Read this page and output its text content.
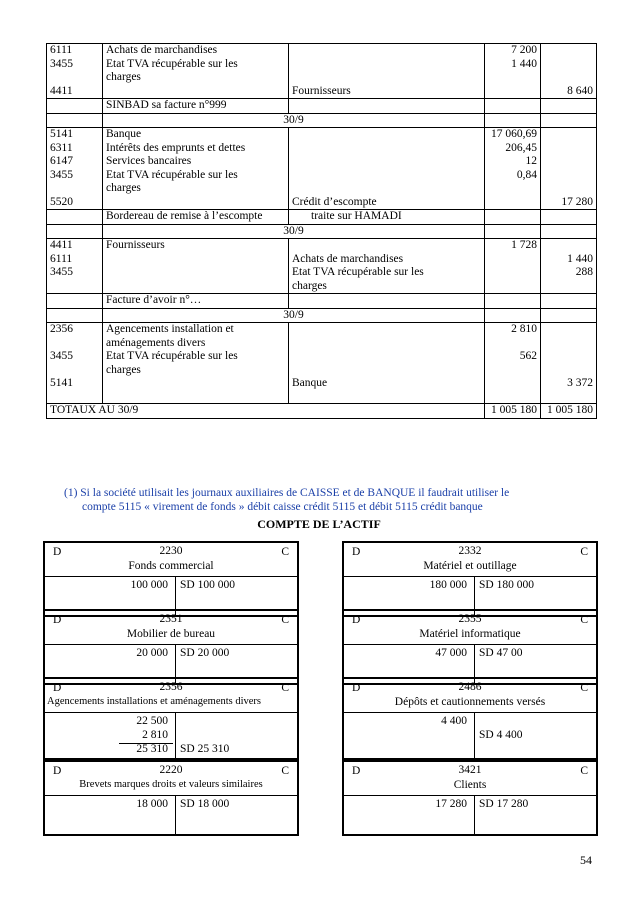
6111	Achats de marchandises		7 200	
3455	Etat TVA récupérable sur les		1 440	
	charges			
4411		Fournisseurs		8 640
	SINBAD sa facture n°999			
	30/9			
5141	Banque		17 060,69	
6311	Intérêts des emprunts et dettes		206,45	
6147	Services bancaires		12	
3455	Etat TVA récupérable sur les		0,84	
	charges			
5520		Crédit d’escompte		17 280
	Bordereau de remise à l’escompte	traite sur HAMADI		
	30/9			
4411	Fournisseurs		1 728	

6111		Achats de marchandises		1 440
3455		Etat TVA récupérable sur les		288
		charges		
	Facture d’avoir n°…			
	30/9			
2356	Agencements installation et		2 810	
	aménagements divers			
3455	Etat TVA récupérable sur les		562	
	charges			
5141		Banque		3 372

TOTAUX AU 30/9			1 005 180	1 005 180
(1) Si la société utilisait les journaux auxiliaires de CAISSE et de BANQUE il faudrait utiliser le
compte 5115 « virement de fonds » débit caisse crédit 5115 et débit 5115 crédit banque
COMPTE DE L’ACTIF
D	C
2230
Fonds commercial
100 000 SD 100 000
D	C
2332
Matériel et outillage
180 000 SD 180 000
D	C
2351
Mobilier de bureau
20 000 SD 20 000
D	C
2355
Matériel informatique
47 000 SD 47 00
D	C
2356
Agencements installations et aménagements divers
22 500
2 810
25 310 SD 25 310
D	C
2486
Dépôts et cautionnements versés
4 400
SD 4 400
D	C
2220
Brevets marques droits et valeurs similaires
18 000 SD 18 000
D	C
3421
Clients
17 280 SD 17 280
54
